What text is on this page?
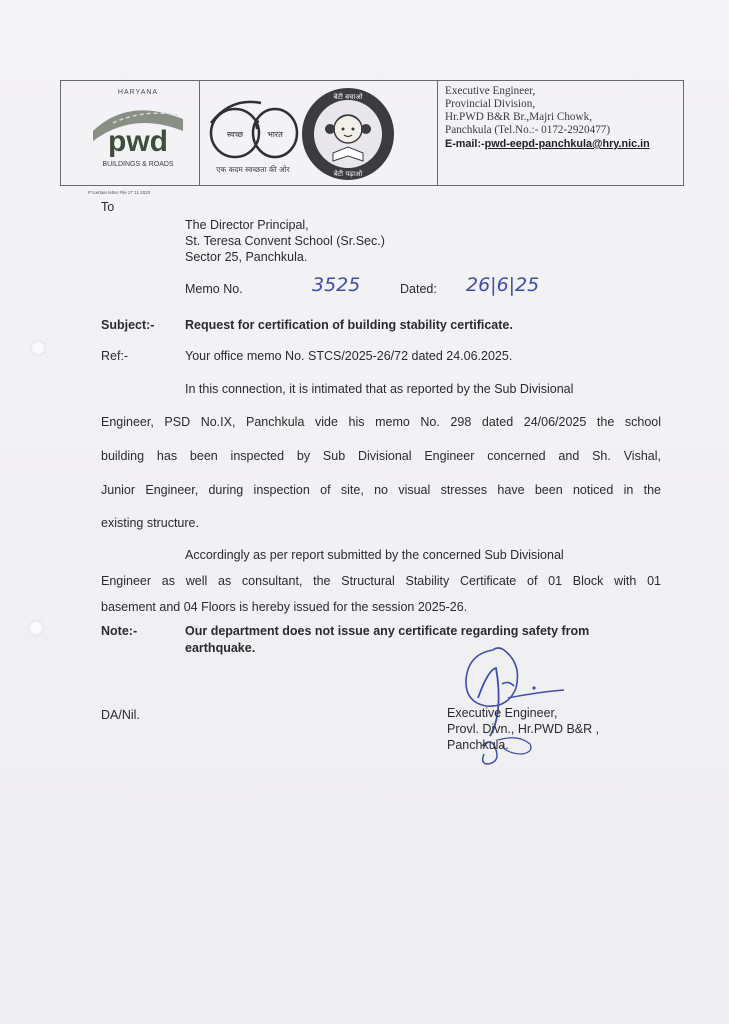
HARYANA
pwd
BUILDINGS & ROADS
स्वच्छ	भारत
एक कदम स्वच्छता की ओर
बेटी बचाओ
बेटी पढ़ाओ
Executive Engineer,
Provincial Division,
Hr.PWD B&R Br.,Majri Chowk,
Panchkula (Tel.No.:- 0172-2920477)
E-mail:-pwd-eepd-panchkula@hry.nic.in
P:\certain letter File 27 11 2020
To
The Director Principal,
St. Teresa Convent School (Sr.Sec.)
Sector 25, Panchkula.
Memo No.	3525	Dated: 26|6|25
Subject:- Request for certification of building stability certificate.
Ref:-	Your office memo No. STCS/2025-26/72 dated 24.06.2025.
In this connection, it is intimated that as reported by the Sub Divisional
Engineer, PSD No.IX, Panchkula vide his memo No. 298 dated 24/06/2025 the school
building has been inspected by Sub Divisional Engineer concerned and Sh. Vishal,
Junior Engineer, during inspection of site, no visual stresses have been noticed in the
existing structure.
Accordingly as per report submitted by the concerned Sub Divisional
Engineer as well as consultant, the Structural Stability Certificate of 01 Block with 01
basement and 04 Floors is hereby issued for the session 2025-26.
Note:-	Our department does not issue any certificate regarding safety from
earthquake.
DA/Nil.	Executive Engineer,
Provl. Divn., Hr.PWD B&R ,
Panchkula.
